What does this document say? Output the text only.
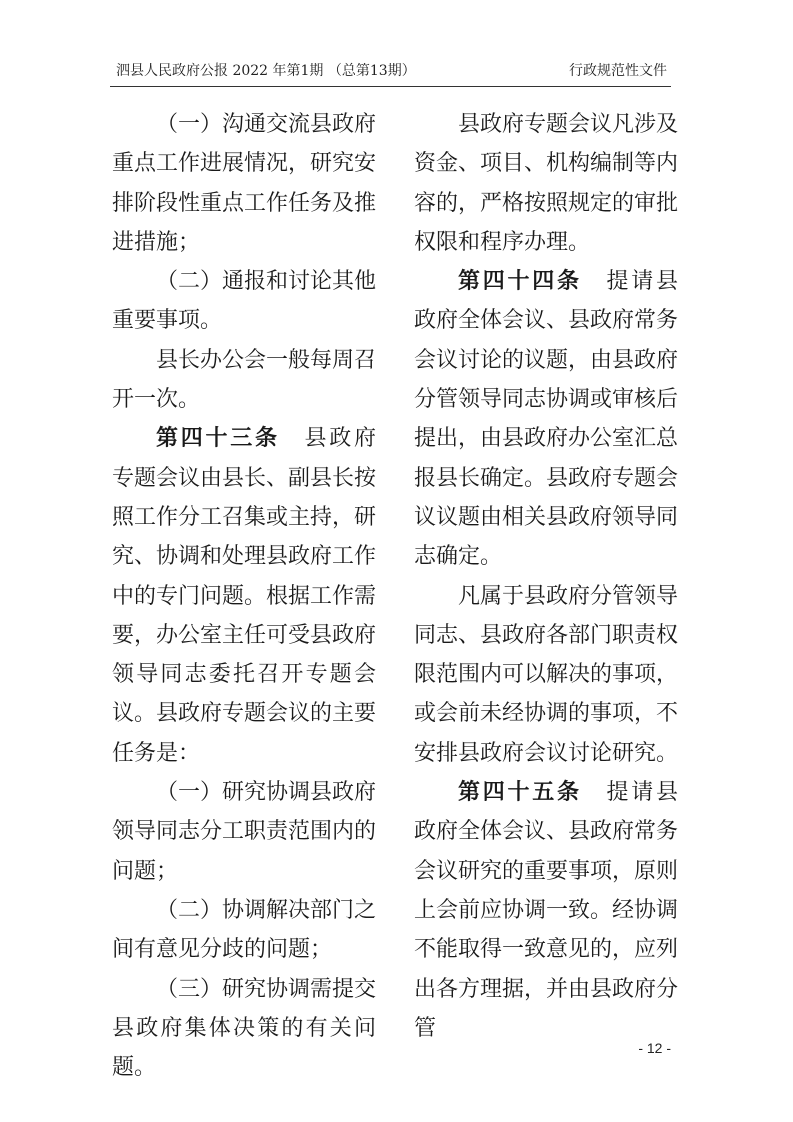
泗县人民政府公报 2022 年第1期 （总第13期）	行政规范性文件

（一）沟通交流县政府重点工作进展情况，研究安排阶段性重点工作任务及推进措施；

（二）通报和讨论其他重要事项。

县长办公会一般每周召开一次。

第四十三条　县政府专题会议由县长、副县长按照工作分工召集或主持，研究、协调和处理县政府工作中的专门问题。根据工作需要，办公室主任可受县政府领导同志委托召开专题会议。县政府专题会议的主要任务是：

（一）研究协调县政府领导同志分工职责范围内的问题；

（二）协调解决部门之间有意见分歧的问题；

（三）研究协调需提交县政府集体决策的有关问题。

县政府专题会议凡涉及资金、项目、机构编制等内容的，严格按照规定的审批权限和程序办理。

第四十四条　提请县政府全体会议、县政府常务会议讨论的议题，由县政府分管领导同志协调或审核后提出，由县政府办公室汇总报县长确定。县政府专题会议议题由相关县政府领导同志确定。

凡属于县政府分管领导同志、县政府各部门职责权限范围内可以解决的事项，或会前未经协调的事项，不安排县政府会议讨论研究。

第四十五条　提请县政府全体会议、县政府常务会议研究的重要事项，原则上会前应协调一致。经协调不能取得一致意见的，应列出各方理据，并由县政府分管

- 12 -
